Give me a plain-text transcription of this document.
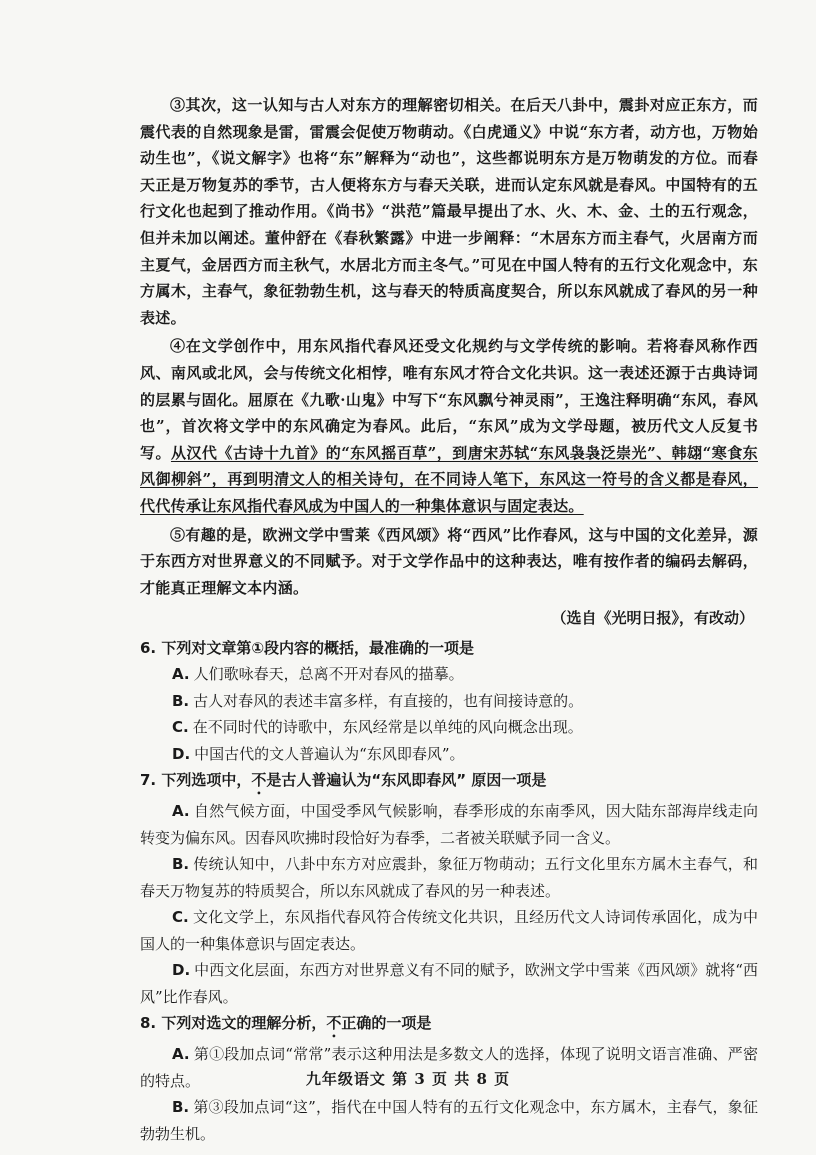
③其次，这一认知与古人对东方的理解密切相关。在后天八卦中，震卦对应正东方，而震代表的自然现象是雷，雷震会促使万物萌动。《白虎通义》中说“东方者，动方也，万物始动生也”，《说文解字》也将“东”解释为“动也”，这些都说明东方是万物萌发的方位。而春天正是万物复苏的季节，古人便将东方与春天关联，进而认定东风就是春风。中国特有的五行文化也起到了推动作用。《尚书》“洪范”篇最早提出了水、火、木、金、土的五行观念，但并未加以阐述。董仲舒在《春秋繁露》中进一步阐释：“木居东方而主春气，火居南方而主夏气，金居西方而主秋气，水居北方而主冬气。”可见在中国人特有的五行文化观念中，东方属木，主春气，象征勃勃生机，这与春天的特质高度契合，所以东风就成了春风的另一种表述。

④在文学创作中，用东风指代春风还受文化规约与文学传统的影响。若将春风称作西风、南风或北风，会与传统文化相悖，唯有东风才符合文化共识。这一表述还源于古典诗词的层累与固化。屈原在《九歌·山鬼》中写下“东风飘兮神灵雨”，王逸注释明确“东风，春风也”，首次将文学中的东风确定为春风。此后，“东风”成为文学母题，被历代文人反复书写。从汉代《古诗十九首》的“东风摇百草”，到唐宋苏轼“东风袅袅泛崇光”、韩翃“寒食东风御柳斜”，再到明清文人的相关诗句，在不同诗人笔下，东风这一符号的含义都是春风，代代传承让东风指代春风成为中国人的一种集体意识与固定表达。

⑤有趣的是，欧洲文学中雪莱《西风颂》将“西风”比作春风，这与中国的文化差异，源于东西方对世界意义的不同赋予。对于文学作品中的这种表达，唯有按作者的编码去解码，才能真正理解文本内涵。

（选自《光明日报》，有改动）

6. 下列对文章第①段内容的概括，最准确的一项是

A. 人们歌咏春天，总离不开对春风的描摹。

B. 古人对春风的表述丰富多样，有直接的，也有间接诗意的。

C. 在不同时代的诗歌中，东风经常是以单纯的风向概念出现。

D. 中国古代的文人普遍认为“东风即春风”。

7. 下列选项中，不是古人普遍认为“东风即春风” 原因一项是

A. 自然气候方面，中国受季风气候影响，春季形成的东南季风，因大陆东部海岸线走向转变为偏东风。因春风吹拂时段恰好为春季，二者被关联赋予同一含义。

B. 传统认知中，八卦中东方对应震卦，象征万物萌动；五行文化里东方属木主春气，和春天万物复苏的特质契合，所以东风就成了春风的另一种表述。

C. 文化文学上，东风指代春风符合传统文化共识，且经历代文人诗词传承固化，成为中国人的一种集体意识与固定表达。

D. 中西文化层面，东西方对世界意义有不同的赋予，欧洲文学中雪莱《西风颂》就将“西风”比作春风。

8. 下列对选文的理解分析，不正确的一项是

A. 第①段加点词“常常”表示这种用法是多数文人的选择，体现了说明文语言准确、严密的特点。

B. 第③段加点词“这”，指代在中国人特有的五行文化观念中，东方属木，主春气，象征勃勃生机。

九年级语文 第 3 页 共 8 页
